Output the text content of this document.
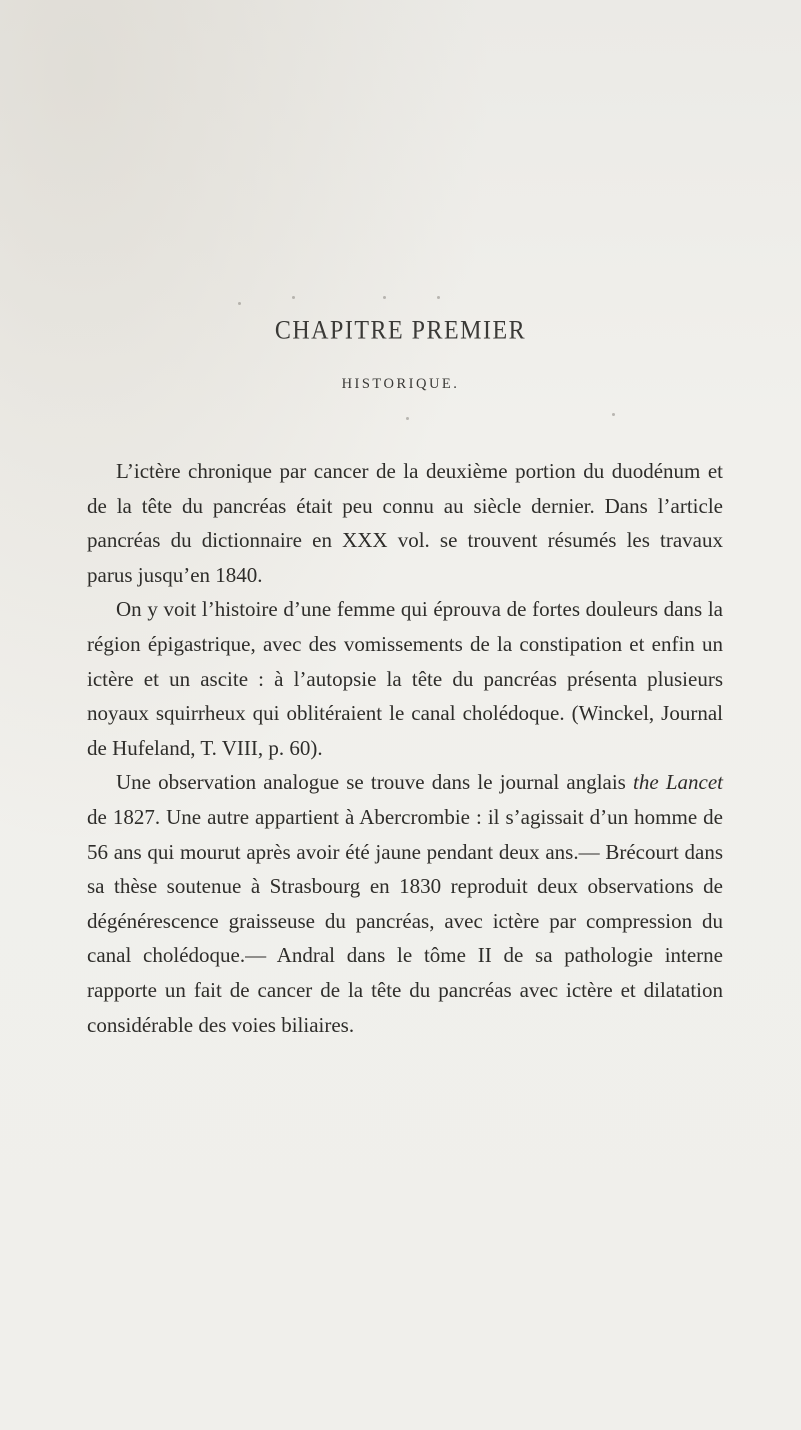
CHAPITRE PREMIER
HISTORIQUE.

L’ictère chronique par cancer de la deuxième portion du duodénum et de la tête du pancréas était peu connu au siècle dernier. Dans l’article pancréas du dictionnaire en XXX vol. se trouvent résumés les travaux parus jusqu’en 1840.

On y voit l’histoire d’une femme qui éprouva de fortes douleurs dans la région épigastrique, avec des vomissements de la constipation et enfin un ictère et un ascite : à l’autopsie la tête du pancréas présenta plusieurs noyaux squirrheux qui oblitéraient le canal cholédoque. (Winckel, Journal de Hufeland, T. VIII, p. 60).

Une observation analogue se trouve dans le journal anglais the Lancet de 1827. Une autre appartient à Abercrombie : il s’agissait d’un homme de 56 ans qui mourut après avoir été jaune pendant deux ans.— Brécourt dans sa thèse soutenue à Strasbourg en 1830 reproduit deux observations de dégénérescence graisseuse du pancréas, avec ictère par compression du canal cholédoque.— Andral dans le tôme II de sa pathologie interne rapporte un fait de cancer de la tête du pancréas avec ictère et dilatation considérable des voies biliaires.
